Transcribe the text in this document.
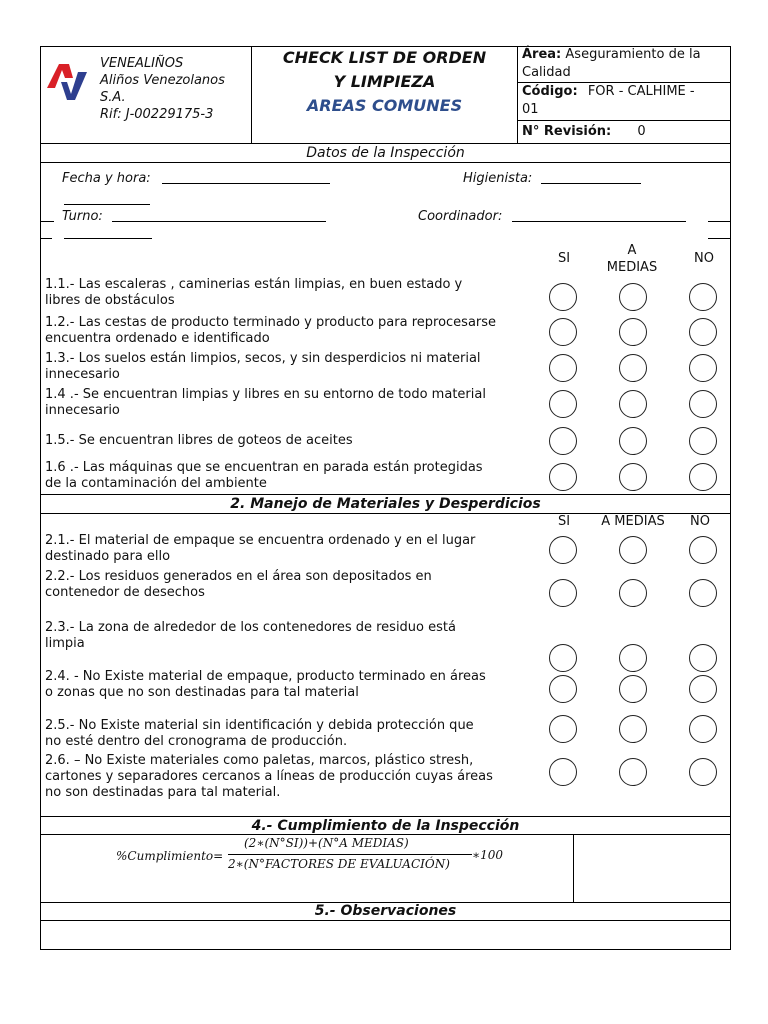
VENEALIÑOS
Aliños Venezolanos
S.A.
Rif: J-00229175-3
CHECK LIST DE ORDEN
Y LIMPIEZA
AREAS COMUNES
Área: Aseguramiento de la
Calidad
Código: FOR - CALHIME -
01
N° Revisión: 0
Datos de la Inspección
Fecha y hora:	Higienista:
Turno:	Coordinador:
SI
A
MEDIAS
NO
1.1.- Las escaleras , caminerias están limpias, en buen estado y
libres de obstáculos
1.2.- Las cestas de producto terminado y producto para reprocesarse
encuentra ordenado e identificado
1.3.- Los suelos están limpios, secos, y sin desperdicios ni material
innecesario
1.4 .- Se encuentran limpias y libres en su entorno de todo material
innecesario
1.5.- Se encuentran libres de goteos de aceites
1.6 .- Las máquinas que se encuentran en parada están protegidas
de la contaminación del ambiente
2. Manejo de Materiales y Desperdicios
SI	A MEDIAS	NO
2.1.- El material de empaque se encuentra ordenado y en el lugar
destinado para ello
2.2.- Los residuos generados en el área son depositados en
contenedor de desechos
2.3.- La zona de alrededor de los contenedores de residuo está
limpia
2.4. - No Existe material de empaque, producto terminado en áreas
o zonas que no son destinadas para tal material
2.5.- No Existe material sin identificación y debida protección que
no esté dentro del cronograma de producción.
2.6. – No Existe materiales como paletas, marcos, plástico stresh,
cartones y separadores cercanos a líneas de producción cuyas áreas
no son destinadas para tal material.
4.- Cumplimiento de la Inspección
%Cumplimiento=
(2∗(N°SI))+(N°A MEDIAS)
2∗(N°FACTORES DE EVALUACIÓN)
∗100
5.- Observaciones
